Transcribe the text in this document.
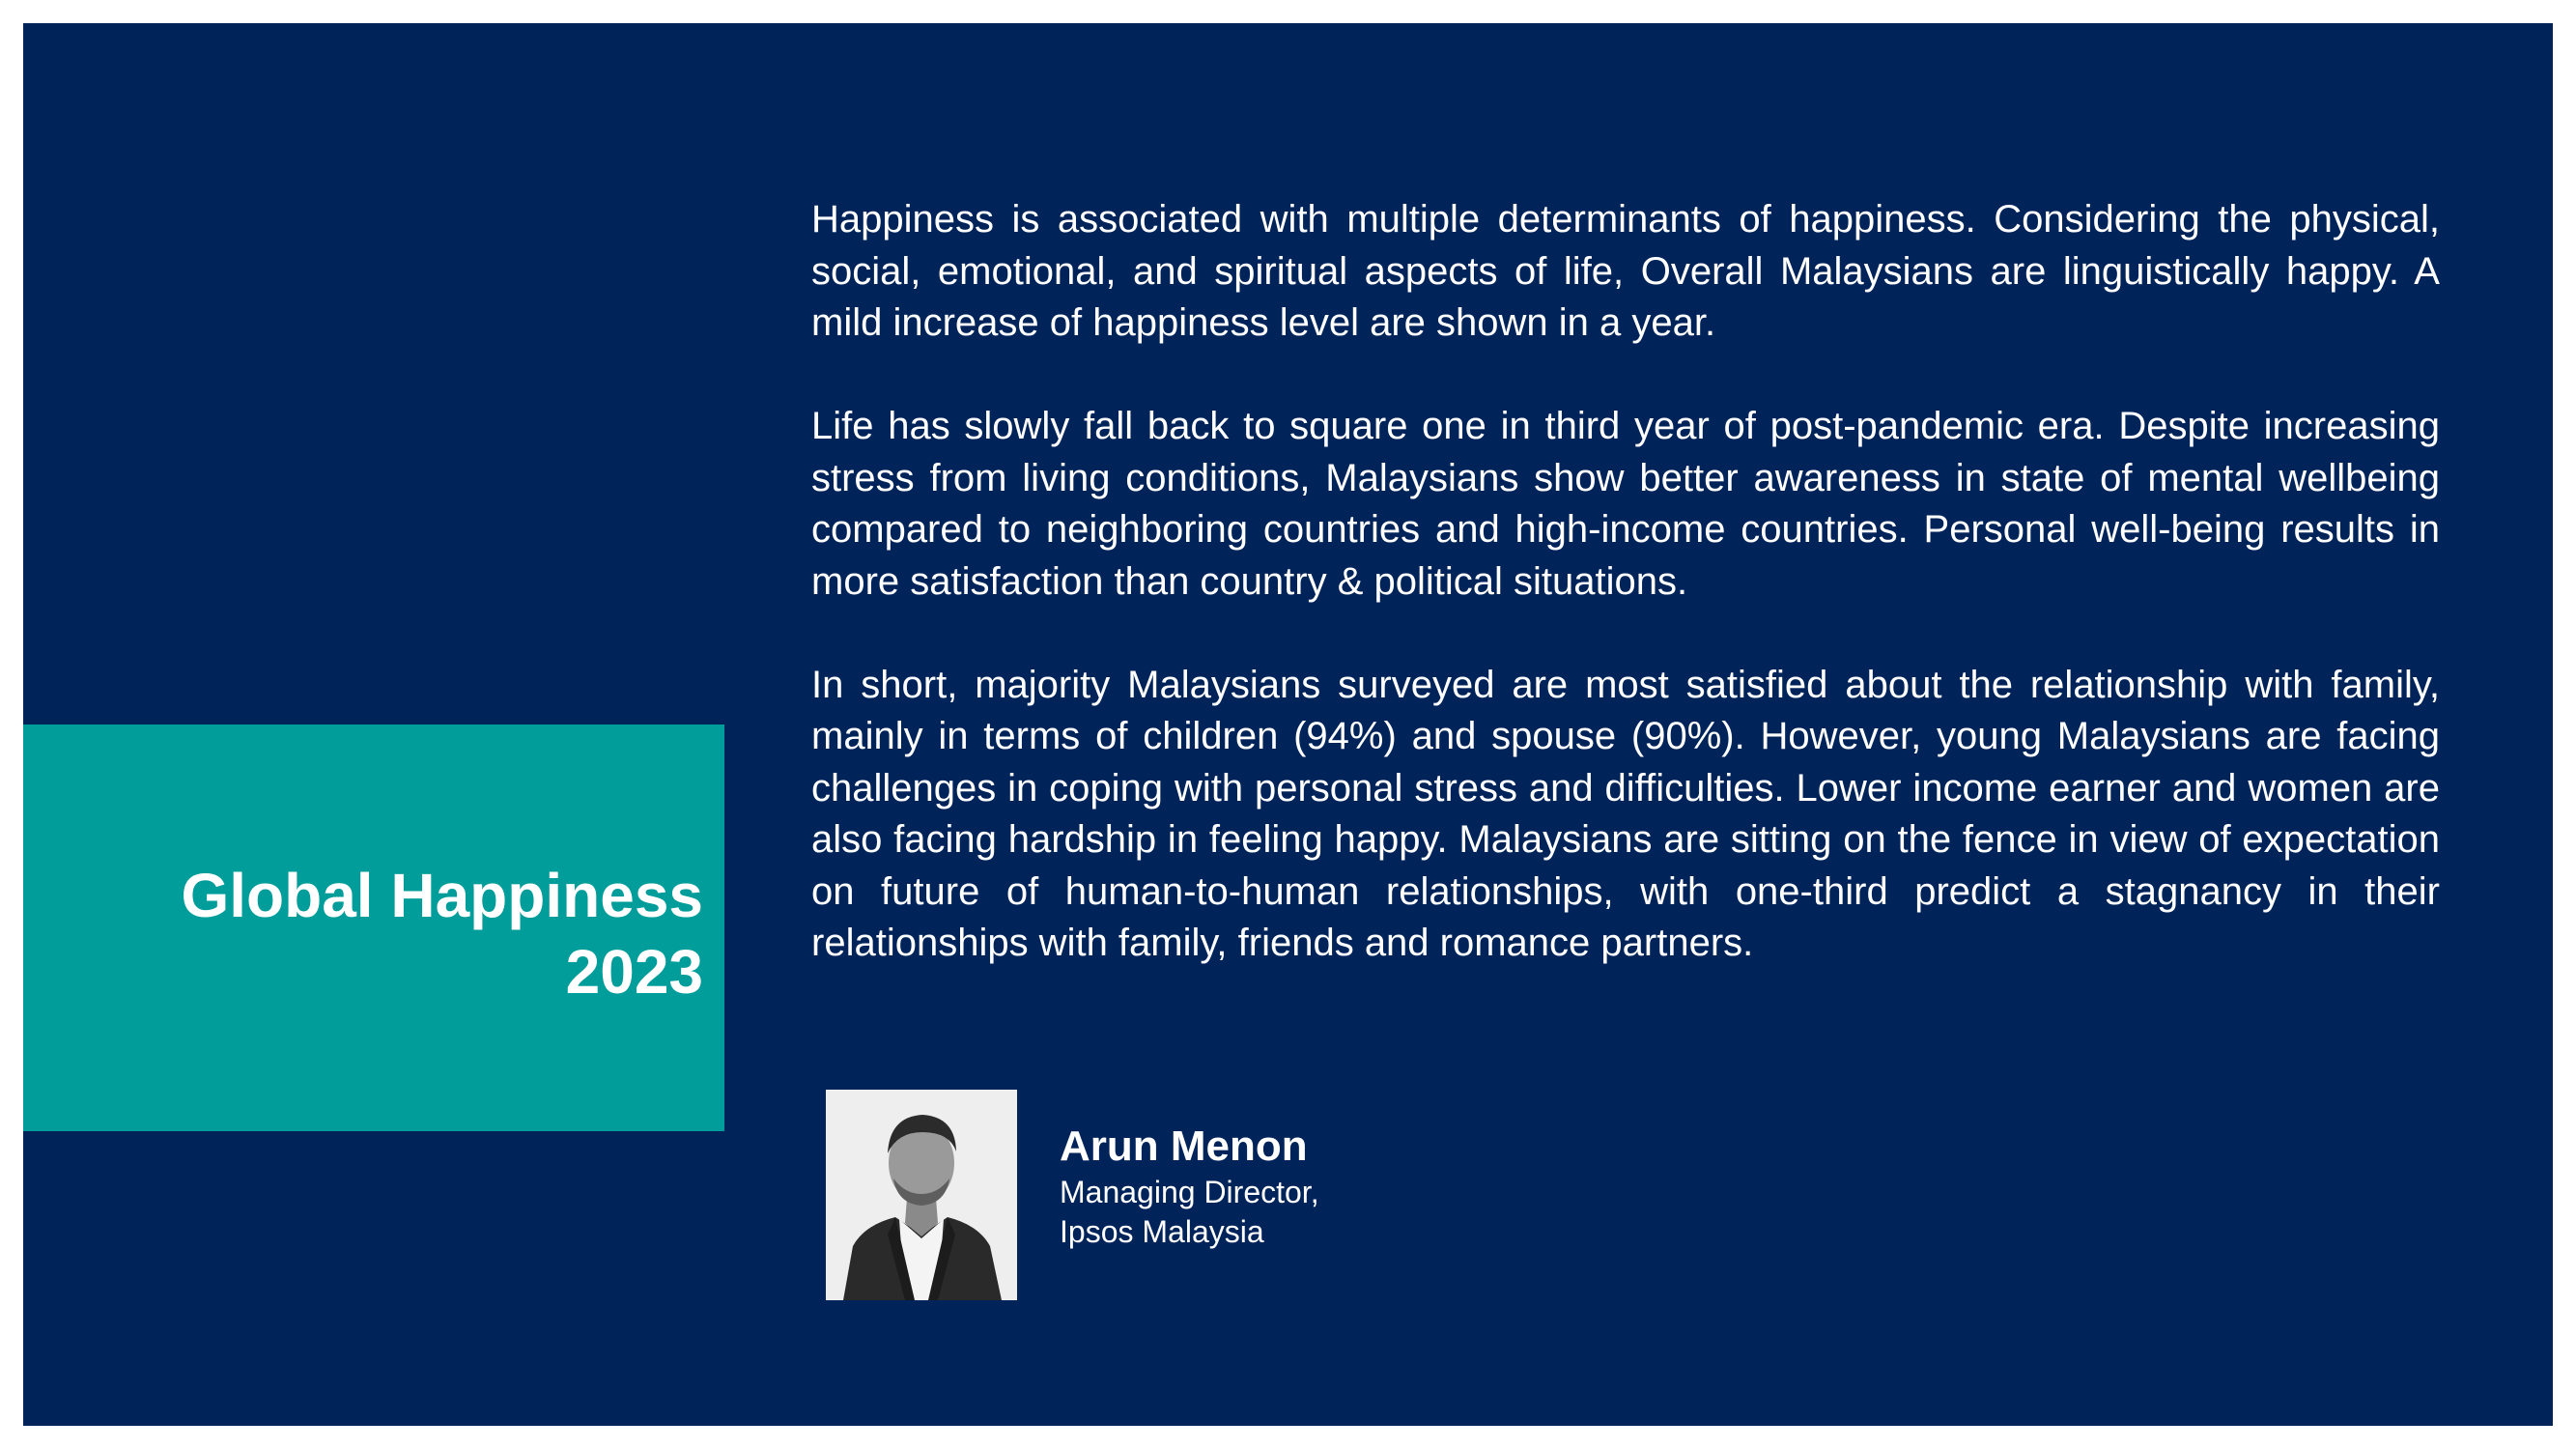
Global Happiness
2023

Happiness is associated with multiple determinants of happiness. Considering the physical, social, emotional, and spiritual aspects of life, Overall Malaysians are linguistically happy. A mild increase of happiness level are shown in a year.

Life has slowly fall back to square one in third year of post-pandemic era. Despite increasing stress from living conditions, Malaysians show better awareness in state of mental wellbeing compared to neighboring countries and high-income countries. Personal well-being results in more satisfaction than country & political situations.

In short, majority Malaysians surveyed are most satisfied about the relationship with family, mainly in terms of children (94%) and spouse (90%). However, young Malaysians are facing challenges in coping with personal stress and difficulties. Lower income earner and women are also facing hardship in feeling happy. Malaysians are sitting on the fence in view of expectation on future of human-to-human relationships, with one-third predict a stagnancy in their relationships with family, friends and romance partners.

Arun Menon
Managing Director,
Ipsos Malaysia
